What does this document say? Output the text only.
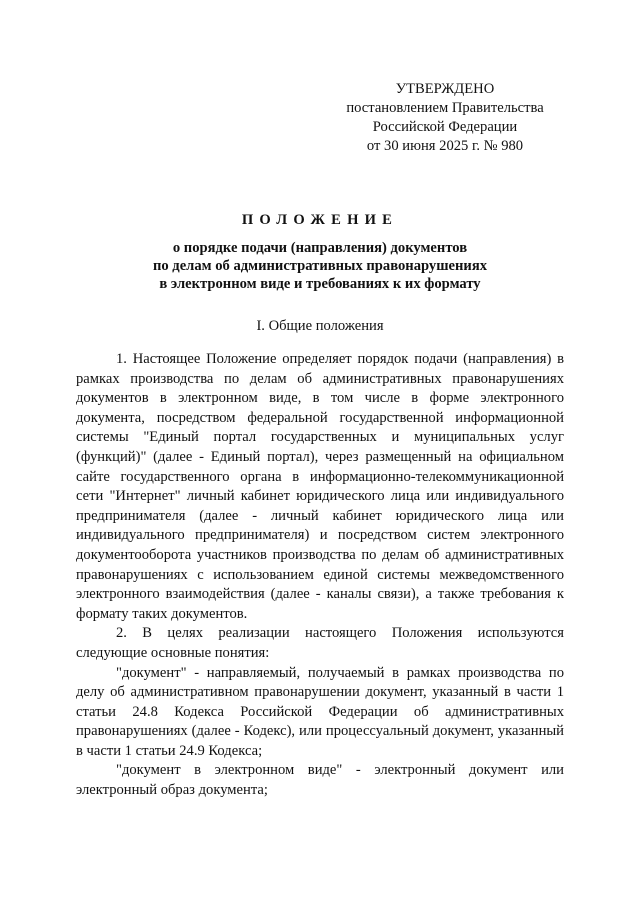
УТВЕРЖДЕНО
постановлением Правительства
Российской Федерации
от 30 июня 2025 г. № 980
ПОЛОЖЕНИЕ
о порядке подачи (направления) документов
по делам об административных правонарушениях
в электронном виде и требованиях к их формату
I. Общие положения

1. Настоящее Положение определяет порядок подачи (направления) в рамках производства по делам об административных правонарушениях документов в электронном виде, в том числе в форме электронного документа, посредством федеральной государственной информационной системы "Единый портал государственных и муниципальных услуг (функций)" (далее - Единый портал), через размещенный на официальном сайте государственного органа в информационно-телекоммуникационной сети "Интернет" личный кабинет юридического лица или индивидуального предпринимателя (далее - личный кабинет юридического лица или индивидуального предпринимателя) и посредством систем электронного документооборота участников производства по делам об административных правонарушениях с использованием единой системы межведомственного электронного взаимодействия (далее - каналы связи), а также требования к формату таких документов.

2. В целях реализации настоящего Положения используются следующие основные понятия:

"документ" - направляемый, получаемый в рамках производства по делу об административном правонарушении документ, указанный в части 1 статьи 24.8 Кодекса Российской Федерации об административных правонарушениях (далее - Кодекс), или процессуальный документ, указанный в части 1 статьи 24.9 Кодекса;

"документ в электронном виде" - электронный документ или электронный образ документа;
